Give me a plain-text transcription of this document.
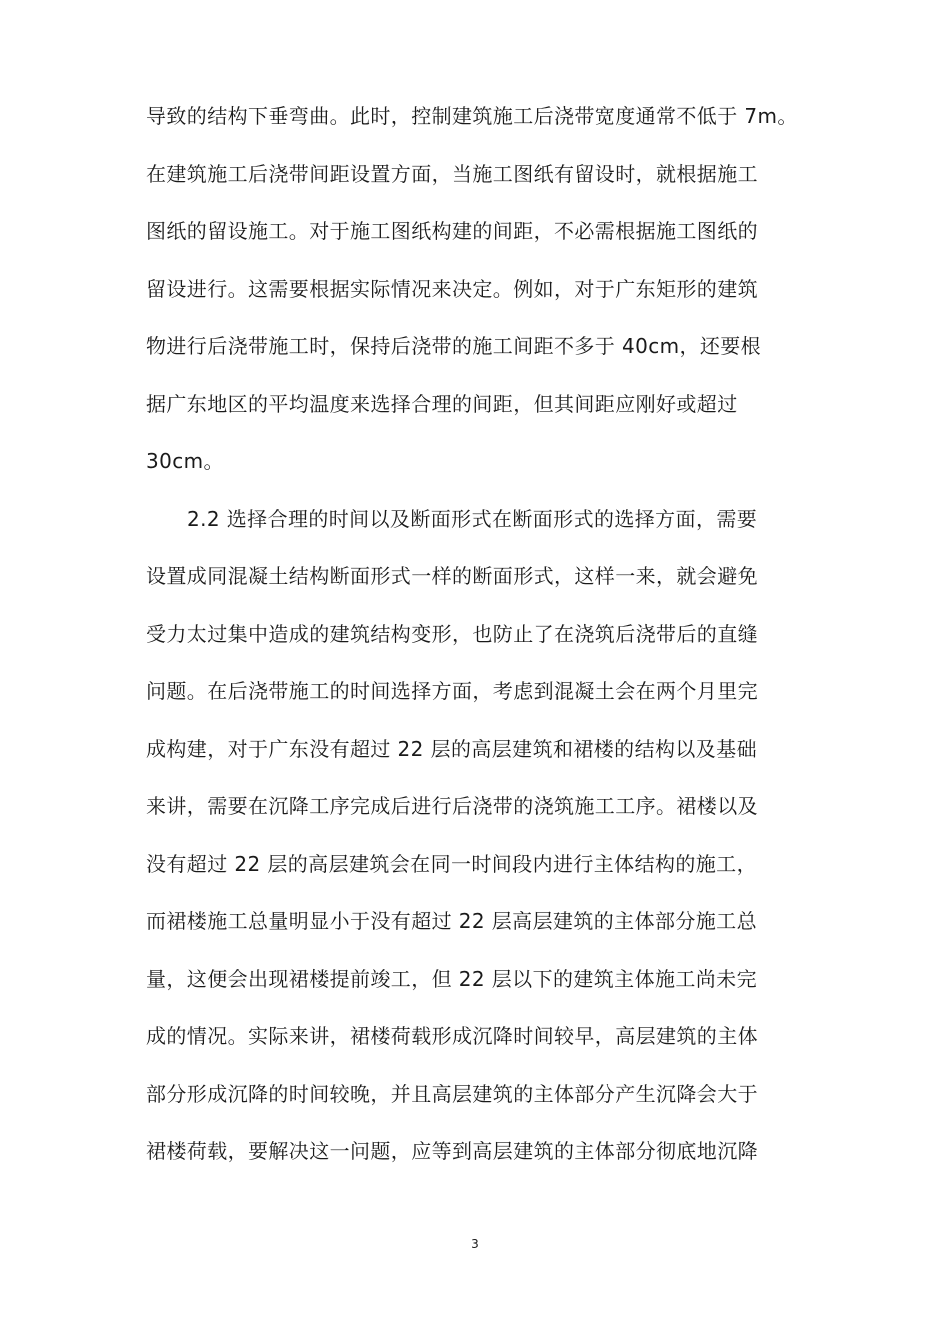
导致的结构下垂弯曲。此时，控制建筑施工后浇带宽度通常不低于 7m。
在建筑施工后浇带间距设置方面，当施工图纸有留设时，就根据施工
图纸的留设施工。对于施工图纸构建的间距，不必需根据施工图纸的
留设进行。这需要根据实际情况来决定。例如，对于广东矩形的建筑
物进行后浇带施工时，保持后浇带的施工间距不多于 40cm，还要根
据广东地区的平均温度来选择合理的间距，但其间距应刚好或超过
30cm。
2.2 选择合理的时间以及断面形式在断面形式的选择方面，需要
设置成同混凝土结构断面形式一样的断面形式，这样一来，就会避免
受力太过集中造成的建筑结构变形，也防止了在浇筑后浇带后的直缝
问题。在后浇带施工的时间选择方面，考虑到混凝土会在两个月里完
成构建，对于广东没有超过 22 层的高层建筑和裙楼的结构以及基础
来讲，需要在沉降工序完成后进行后浇带的浇筑施工工序。裙楼以及
没有超过 22 层的高层建筑会在同一时间段内进行主体结构的施工，
而裙楼施工总量明显小于没有超过 22 层高层建筑的主体部分施工总
量，这便会出现裙楼提前竣工，但 22 层以下的建筑主体施工尚未完
成的情况。实际来讲，裙楼荷载形成沉降时间较早，高层建筑的主体
部分形成沉降的时间较晚，并且高层建筑的主体部分产生沉降会大于
裙楼荷载，要解决这一问题，应等到高层建筑的主体部分彻底地沉降
3
